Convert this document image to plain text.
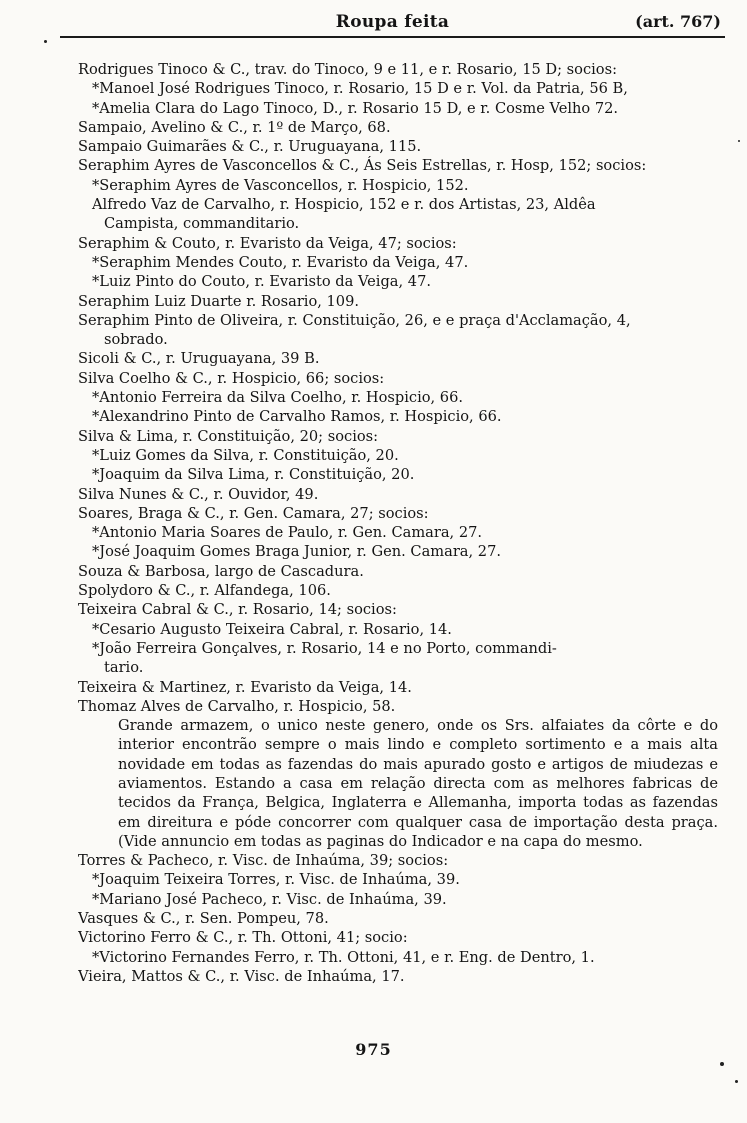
Roupa feita	(art. 767)
Rodrigues Tinoco & C., trav. do Tinoco, 9 e 11, e r. Rosario, 15 D; socios:
*Manoel José Rodrigues Tinoco, r. Rosario, 15 D e r. Vol. da Patria, 56 B,
*Amelia Clara do Lago Tinoco, D., r. Rosario 15 D, e r. Cosme Velho 72.
Sampaio, Avelino & C., r. 1º de Março, 68.
Sampaio Guimarães & C., r. Uruguayana, 115.
Seraphim Ayres de Vasconcellos & C., Ás Seis Estrellas, r. Hosp, 152; socios:
*Seraphim Ayres de Vasconcellos, r. Hospicio, 152.
Alfredo Vaz de Carvalho, r. Hospicio, 152 e r. dos Artistas, 23, Aldêa
Campista, commanditario.
Seraphim & Couto, r. Evaristo da Veiga, 47; socios:
*Seraphim Mendes Couto, r. Evaristo da Veiga, 47.
*Luiz Pinto do Couto, r. Evaristo da Veiga, 47.
Seraphim Luiz Duarte r. Rosario, 109.
Seraphim Pinto de Oliveira, r. Constituição, 26, e e praça d'Acclamação, 4,
sobrado.
Sicoli & C., r. Uruguayana, 39 B.
Silva Coelho & C., r. Hospicio, 66; socios:
*Antonio Ferreira da Silva Coelho, r. Hospicio, 66.
*Alexandrino Pinto de Carvalho Ramos, r. Hospicio, 66.
Silva & Lima, r. Constituição, 20; socios:
*Luiz Gomes da Silva, r. Constituição, 20.
*Joaquim da Silva Lima, r. Constituição, 20.
Silva Nunes & C., r. Ouvidor, 49.
Soares, Braga & C., r. Gen. Camara, 27; socios:
*Antonio Maria Soares de Paulo, r. Gen. Camara, 27.
*José Joaquim Gomes Braga Junior, r. Gen. Camara, 27.
Souza & Barbosa, largo de Cascadura.
Spolydoro & C., r. Alfandega, 106.
Teixeira Cabral & C., r. Rosario, 14; socios:
*Cesario Augusto Teixeira Cabral, r. Rosario, 14.
*João Ferreira Gonçalves, r. Rosario, 14 e no Porto, commandi-
tario.
Teixeira & Martinez, r. Evaristo da Veiga, 14.
Thomaz Alves de Carvalho, r. Hospicio, 58.
Grande armazem, o unico neste genero, onde os Srs. alfaiates da côrte e do interior encontrão sempre o mais lindo e completo sortimento e a mais alta novidade em todas as fazendas do mais apurado gosto e artigos de miudezas e aviamentos. Estando a casa em relação directa com as melhores fabricas de tecidos da França, Belgica, Inglaterra e Allemanha, importa todas as fazendas em direitura e póde concorrer com qualquer casa de importação desta praça. (Vide annuncio em todas as paginas do Indicador e na capa do mesmo.
Torres & Pacheco, r. Visc. de Inhaúma, 39; socios:
*Joaquim Teixeira Torres, r. Visc. de Inhaúma, 39.
*Mariano José Pacheco, r. Visc. de Inhaúma, 39.
Vasques & C., r. Sen. Pompeu, 78.
Victorino Ferro & C., r. Th. Ottoni, 41; socio:
*Victorino Fernandes Ferro, r. Th. Ottoni, 41, e r. Eng. de Dentro, 1.
Vieira, Mattos & C., r. Visc. de Inhaúma, 17.
975
